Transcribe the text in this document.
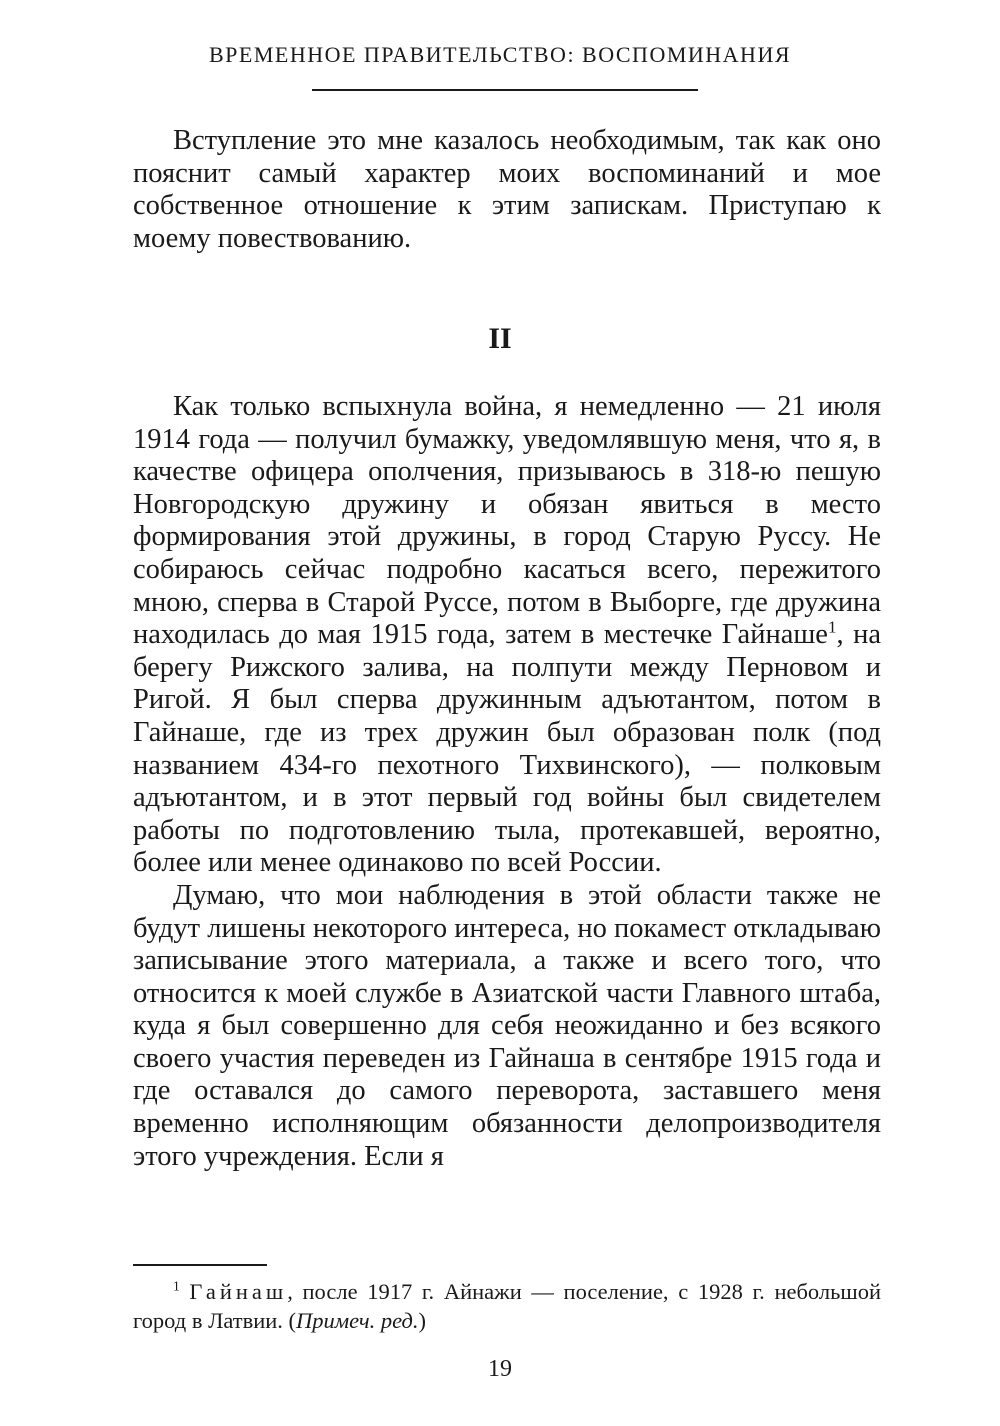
ВРЕМЕННОЕ ПРАВИТЕЛЬСТВО: ВОСПОМИНАНИЯ

Вступление это мне казалось необходимым, так как оно пояснит самый характер моих воспоминаний и мое собственное отношение к этим запискам. Приступаю к моему повествованию.

II

Как только вспыхнула война, я немедленно — 21 июля 1914 года — получил бумажку, уведомлявшую меня, что я, в качестве офицера ополчения, призываюсь в 318-ю пешую Новгородскую дружину и обязан явиться в место формирования этой дружины, в город Старую Руссу. Не собираюсь сейчас подробно касаться всего, пережитого мною, сперва в Старой Руссе, потом в Выборге, где дружина находилась до мая 1915 года, затем в местечке Гайнаше$^1$, на берегу Рижского залива, на полпути между Перновом и Ригой. Я был сперва дружинным адъютантом, потом в Гайнаше, где из трех дружин был образован полк (под названием 434-го пехотного Тихвинского), — полковым адъютантом, и в этот первый год войны был свидетелем работы по подготовлению тыла, протекавшей, вероятно, более или менее одинаково по всей России.

Думаю, что мои наблюдения в этой области также не будут лишены некоторого интереса, но покамест откладываю записывание этого материала, а также и всего того, что относится к моей службе в Азиатской части Главного штаба, куда я был совершенно для себя неожиданно и без всякого своего участия переведен из Гайнаша в сентябре 1915 года и где оставался до самого переворота, заставшего меня временно исполняющим обязанности делопроизводителя этого учреждения. Если я

$^1$ Гайнаш, после 1917 г. Айнажи — поселение, с 1928 г. небольшой город в Латвии. (Примеч. ред.)
19
